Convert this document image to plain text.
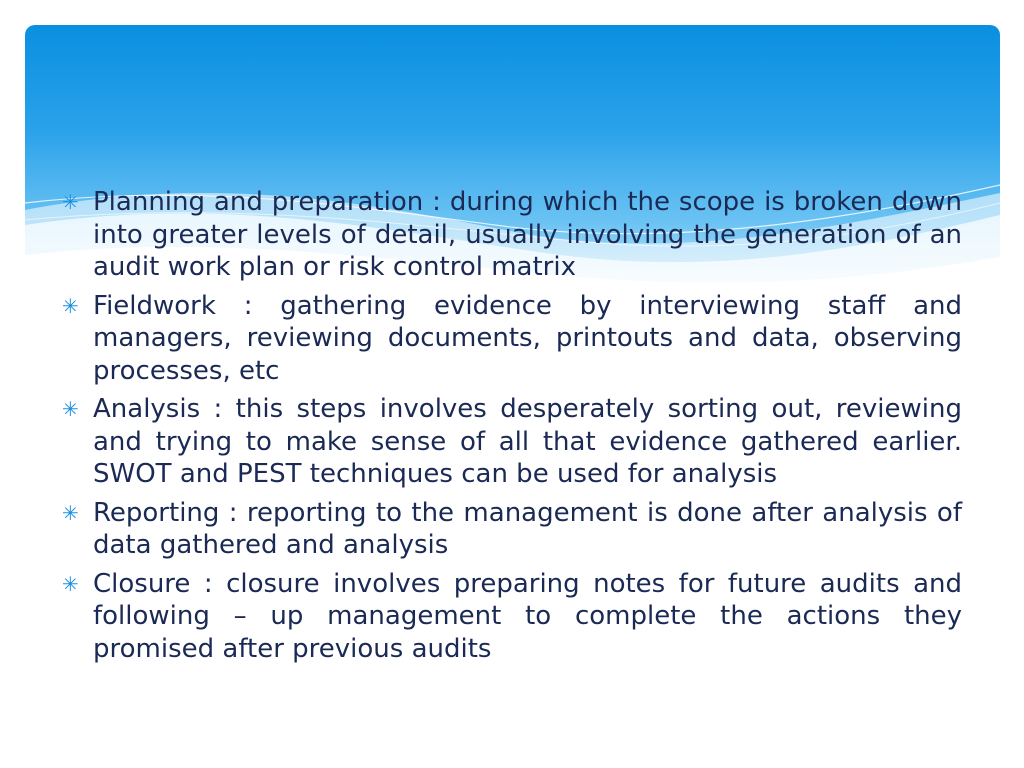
✳ Planning and preparation : during which the scope is broken down into greater levels of detail, usually involving the generation of an audit work plan or risk control matrix
✳ Fieldwork : gathering evidence by interviewing staff and managers, reviewing documents, printouts and data, observing processes, etc
✳ Analysis : this steps involves desperately sorting out, reviewing and trying to make sense of all that evidence gathered earlier. SWOT and PEST techniques can be used for analysis
✳ Reporting : reporting to the management is done after analysis of data gathered and analysis
✳ Closure : closure involves preparing notes for future audits and following – up management to complete the actions they promised after previous audits
